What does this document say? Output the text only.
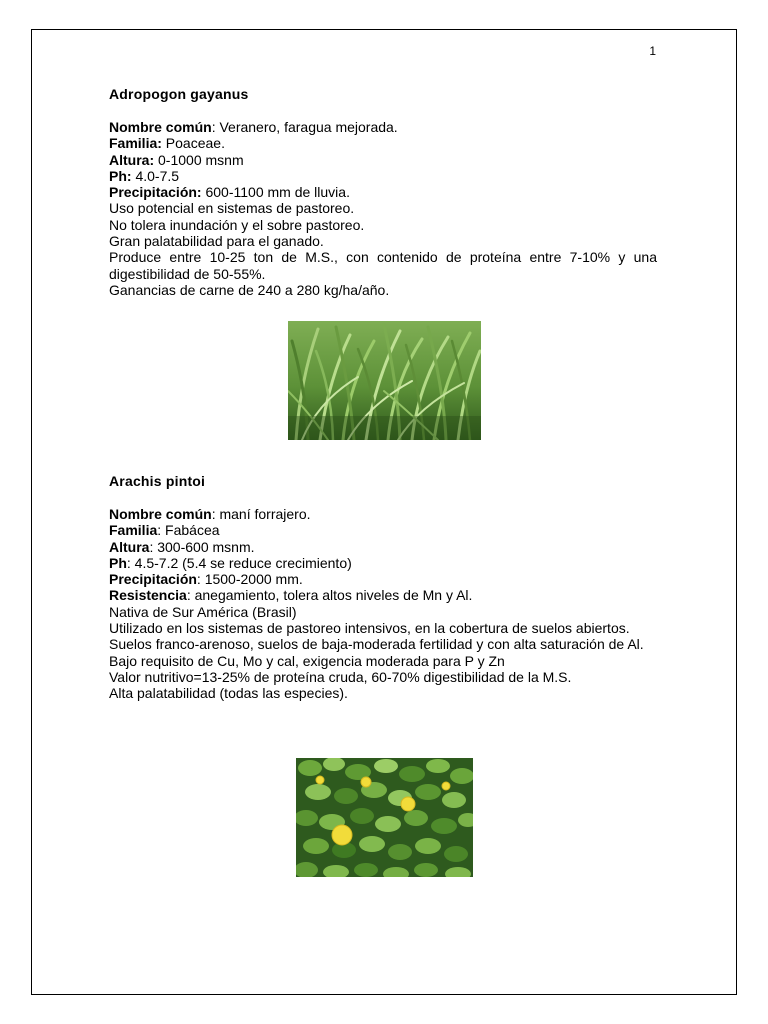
1

Adropogon gayanus

Nombre común: Veranero, faragua mejorada.

Familia: Poaceae.

Altura: 0-1000 msnm

Ph: 4.0-7.5

Precipitación: 600-1100 mm de lluvia.

Uso potencial en sistemas de pastoreo.

No tolera inundación y el sobre pastoreo.

Gran palatabilidad para el ganado.

Produce entre 10-25 ton de M.S., con contenido de proteína entre 7-10% y una digestibilidad de 50-55%.

Ganancias de carne de 240 a 280 kg/ha/año.

Arachis pintoi

Nombre común: maní forrajero.

Familia: Fabácea

Altura: 300-600 msnm.

Ph: 4.5-7.2 (5.4 se reduce crecimiento)

Precipitación: 1500-2000 mm.

Resistencia: anegamiento, tolera altos niveles de Mn y Al.

Nativa de Sur América (Brasil)

Utilizado en los sistemas de pastoreo intensivos, en la cobertura de suelos abiertos.

Suelos franco-arenoso, suelos de baja-moderada fertilidad y con alta saturación de Al.

Bajo requisito de Cu, Mo y cal, exigencia moderada para P y Zn

Valor nutritivo=13-25% de proteína cruda, 60-70% digestibilidad de la M.S.

Alta palatabilidad (todas las especies).
